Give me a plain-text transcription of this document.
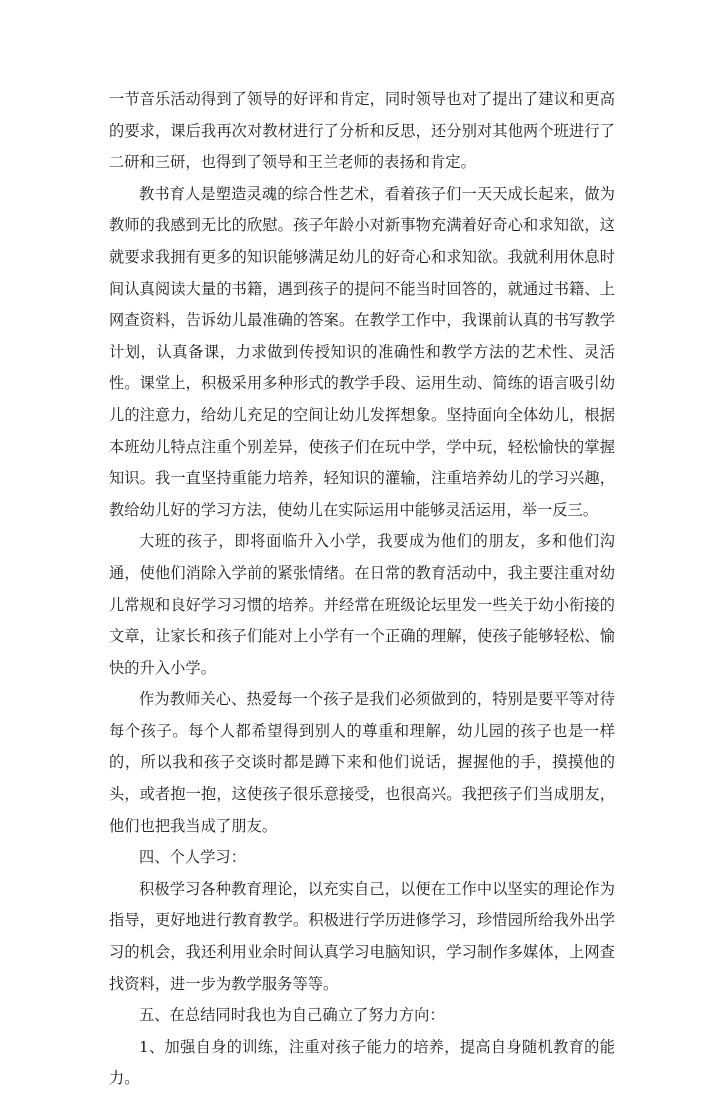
一节音乐活动得到了领导的好评和肯定，同时领导也对了提出了建议和更高的要求，课后我再次对教材进行了分析和反思，还分别对其他两个班进行了二研和三研，也得到了领导和王兰老师的表扬和肯定。

教书育人是塑造灵魂的综合性艺术，看着孩子们一天天成长起来，做为教师的我感到无比的欣慰。孩子年龄小对新事物充满着好奇心和求知欲，这就要求我拥有更多的知识能够满足幼儿的好奇心和求知欲。我就利用休息时间认真阅读大量的书籍，遇到孩子的提问不能当时回答的，就通过书籍、上网查资料，告诉幼儿最准确的答案。在教学工作中，我课前认真的书写教学计划，认真备课，力求做到传授知识的准确性和教学方法的艺术性、灵活性。课堂上，积极采用多种形式的教学手段、运用生动、简练的语言吸引幼儿的注意力，给幼儿充足的空间让幼儿发挥想象。坚持面向全体幼儿，根据本班幼儿特点注重个别差异，使孩子们在玩中学，学中玩，轻松愉快的掌握知识。我一直坚持重能力培养，轻知识的灌输，注重培养幼儿的学习兴趣，教给幼儿好的学习方法，使幼儿在实际运用中能够灵活运用，举一反三。

大班的孩子，即将面临升入小学，我要成为他们的朋友，多和他们沟通，使他们消除入学前的紧张情绪。在日常的教育活动中，我主要注重对幼儿常规和良好学习习惯的培养。并经常在班级论坛里发一些关于幼小衔接的文章，让家长和孩子们能对上小学有一个正确的理解，使孩子能够轻松、愉快的升入小学。

作为教师关心、热爱每一个孩子是我们必须做到的，特别是要平等对待每个孩子。每个人都希望得到别人的尊重和理解，幼儿园的孩子也是一样的，所以我和孩子交谈时都是蹲下来和他们说话，握握他的手，摸摸他的头，或者抱一抱，这使孩子很乐意接受，也很高兴。我把孩子们当成朋友，他们也把我当成了朋友。

四、个人学习：

积极学习各种教育理论，以充实自己，以便在工作中以坚实的理论作为指导，更好地进行教育教学。积极进行学历进修学习，珍惜园所给我外出学习的机会，我还利用业余时间认真学习电脑知识，学习制作多媒体，上网查找资料，进一步为教学服务等等。

五、在总结同时我也为自己确立了努力方向：

1、加强自身的训练，注重对孩子能力的培养，提高自身随机教育的能力。
